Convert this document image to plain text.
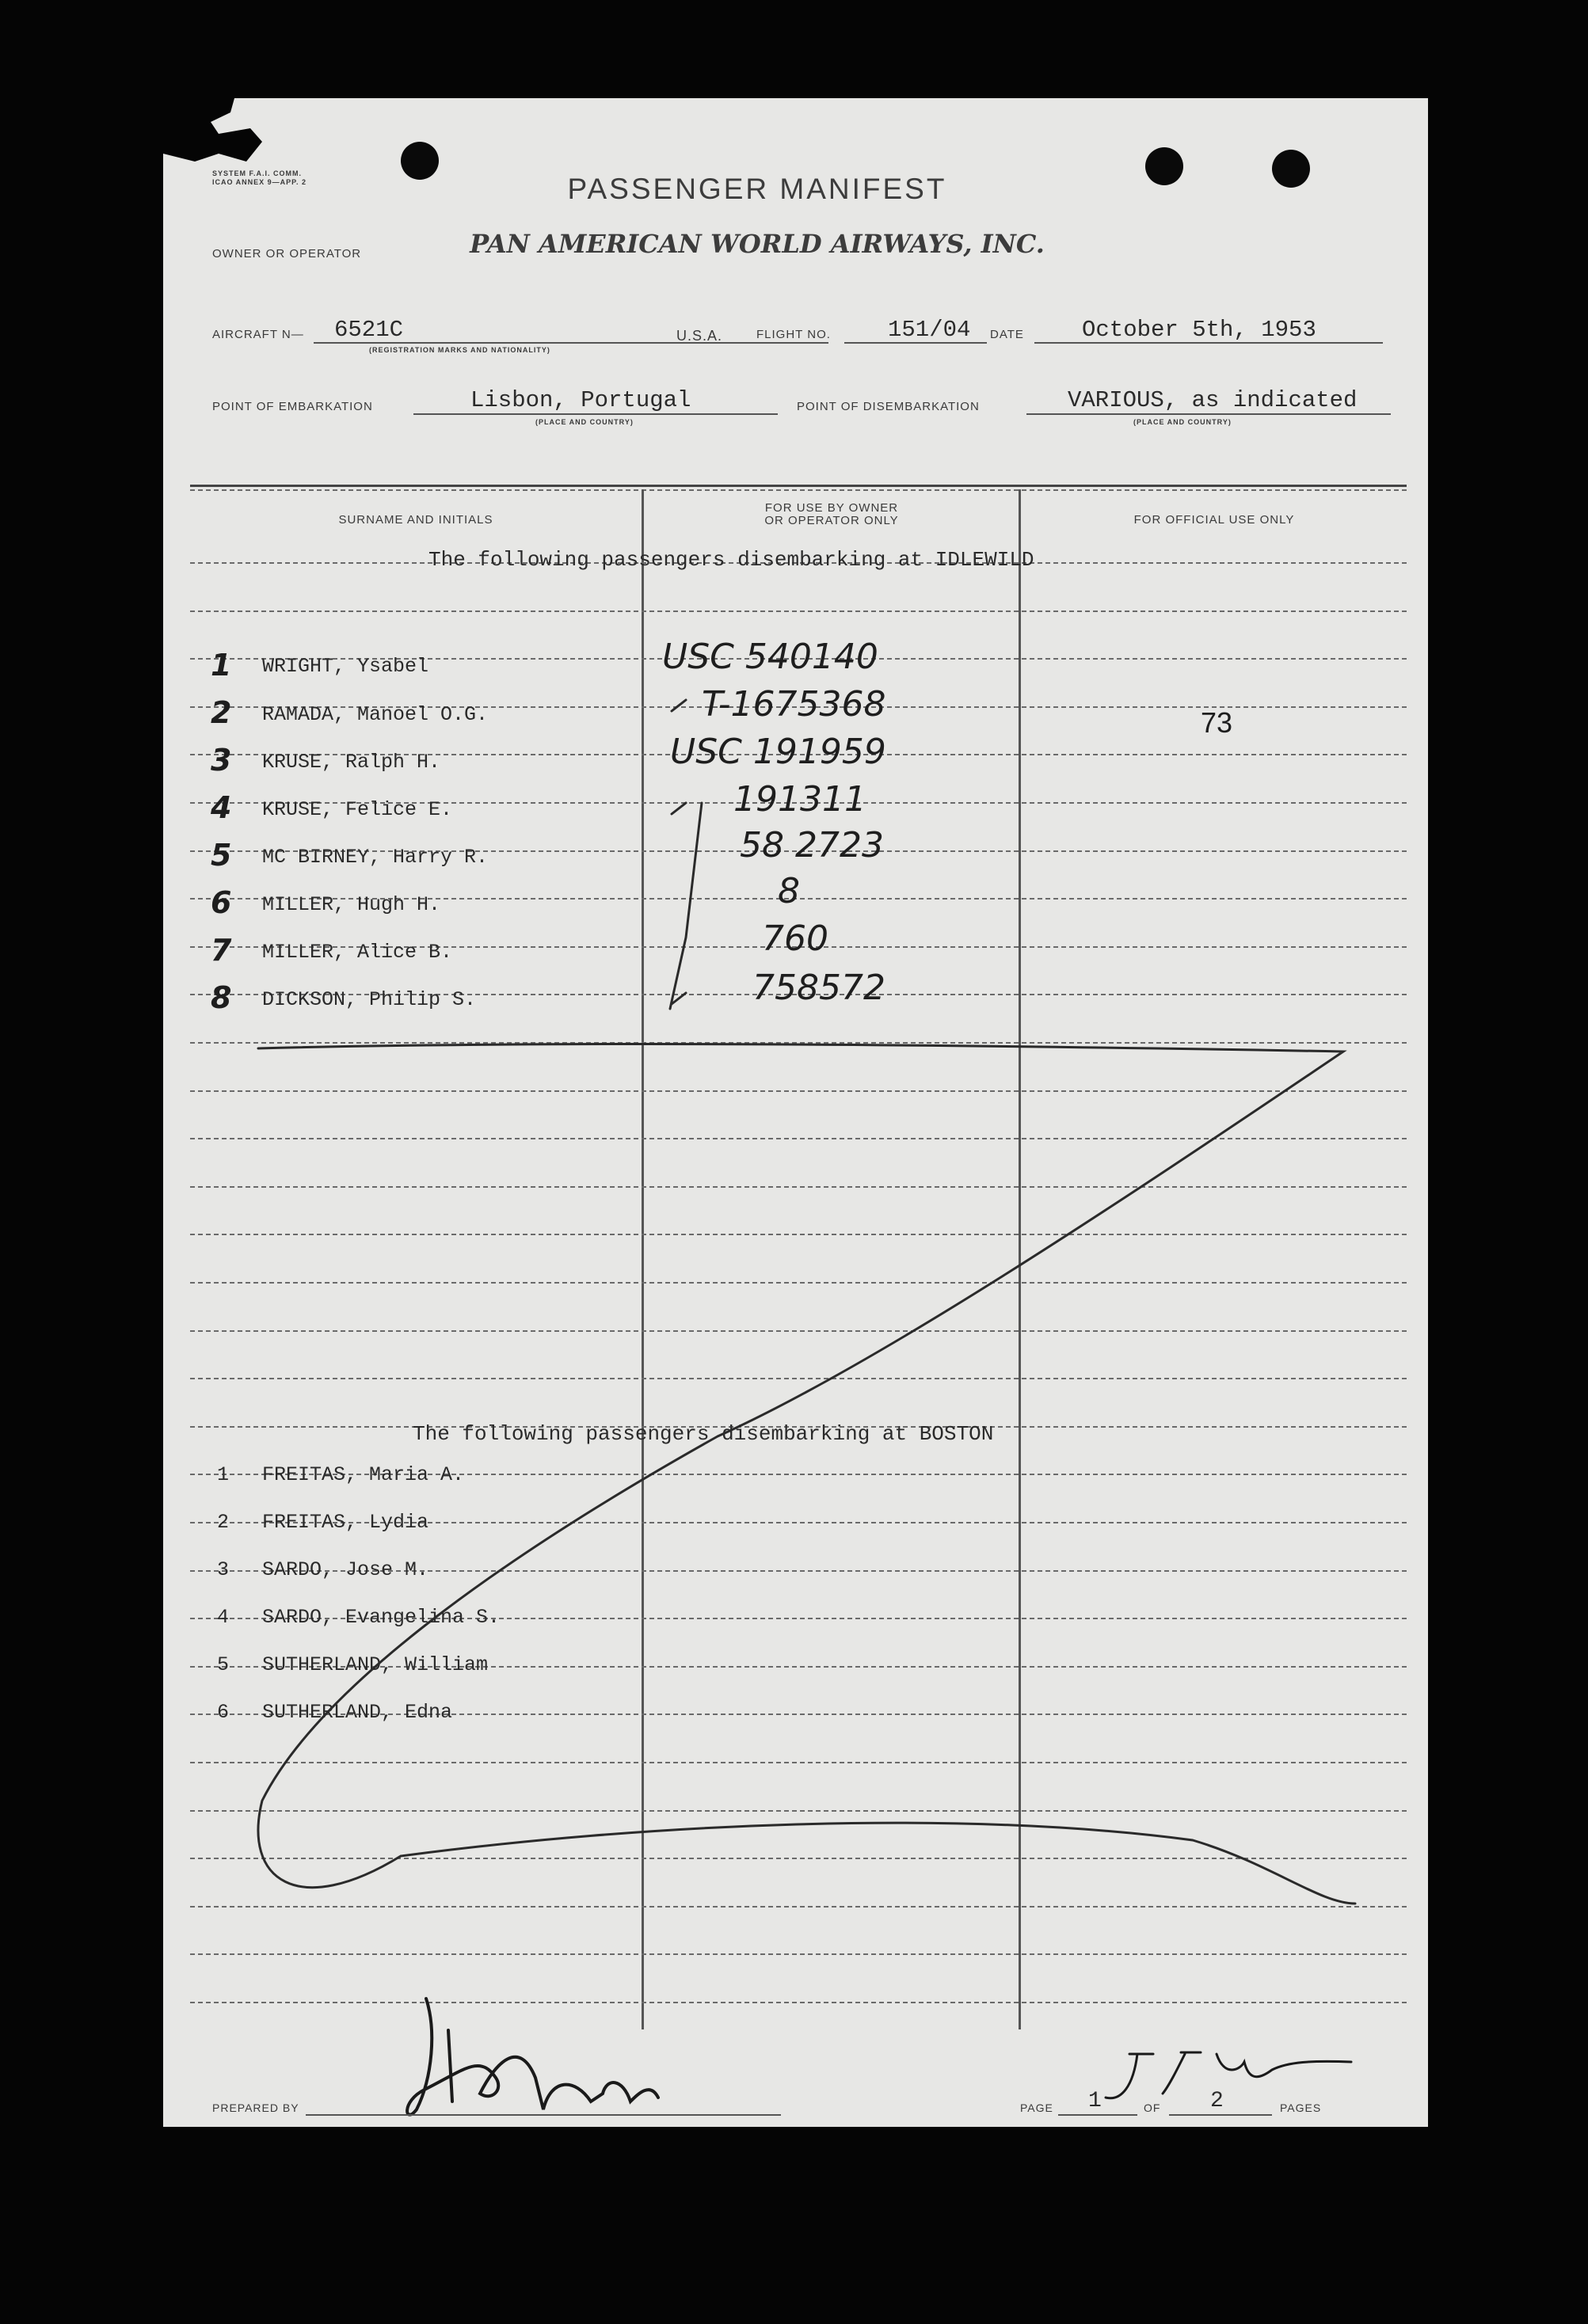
SYSTEM F.A.I. COMM.
ICAO ANNEX 9—APP. 2	PASSENGER MANIFEST
PAN AMERICAN WORLD AIRWAYS, INC.
OWNER OR OPERATOR
AIRCRAFT N— 6521C
(REGISTRATION MARKS AND NATIONALITY)
U.S.A.	FLIGHT NO. 151/04 DATE	October 5th, 1953
POINT OF EMBARKATION	Lisbon, Portugal
(PLACE AND COUNTRY)
POINT OF DISEMBARKATION	VARIOUS, as indicated
(PLACE AND COUNTRY)
SURNAME AND INITIALS
FOR USE BY OWNER
OR OPERATOR ONLY	FOR OFFICIAL USE ONLY
The following passengers disembarking at IDLEWILD
The following passengers disembarking at BOSTON
1 WRIGHT, Ysabel	USC 540140
2 RAMADA, Manoel O.G.	T-1675368	73
3 KRUSE, Ralph H.	USC 191959
4 KRUSE, Felice E.	191311
5 MC BIRNEY, Harry R.	58 2723
6 MILLER, Hugh H.	8
7 MILLER, Alice B.	760
8 DICKSON, Philip S.	758572
1 FREITAS, Maria A.
2 FREITAS, Lydia
3 SARDO, Jose M.
4 SARDO, Evangelina S.
5 SUTHERLAND, William
6 SUTHERLAND, Edna
PREPARED BY	PAGE 1	OF 2	PAGES
